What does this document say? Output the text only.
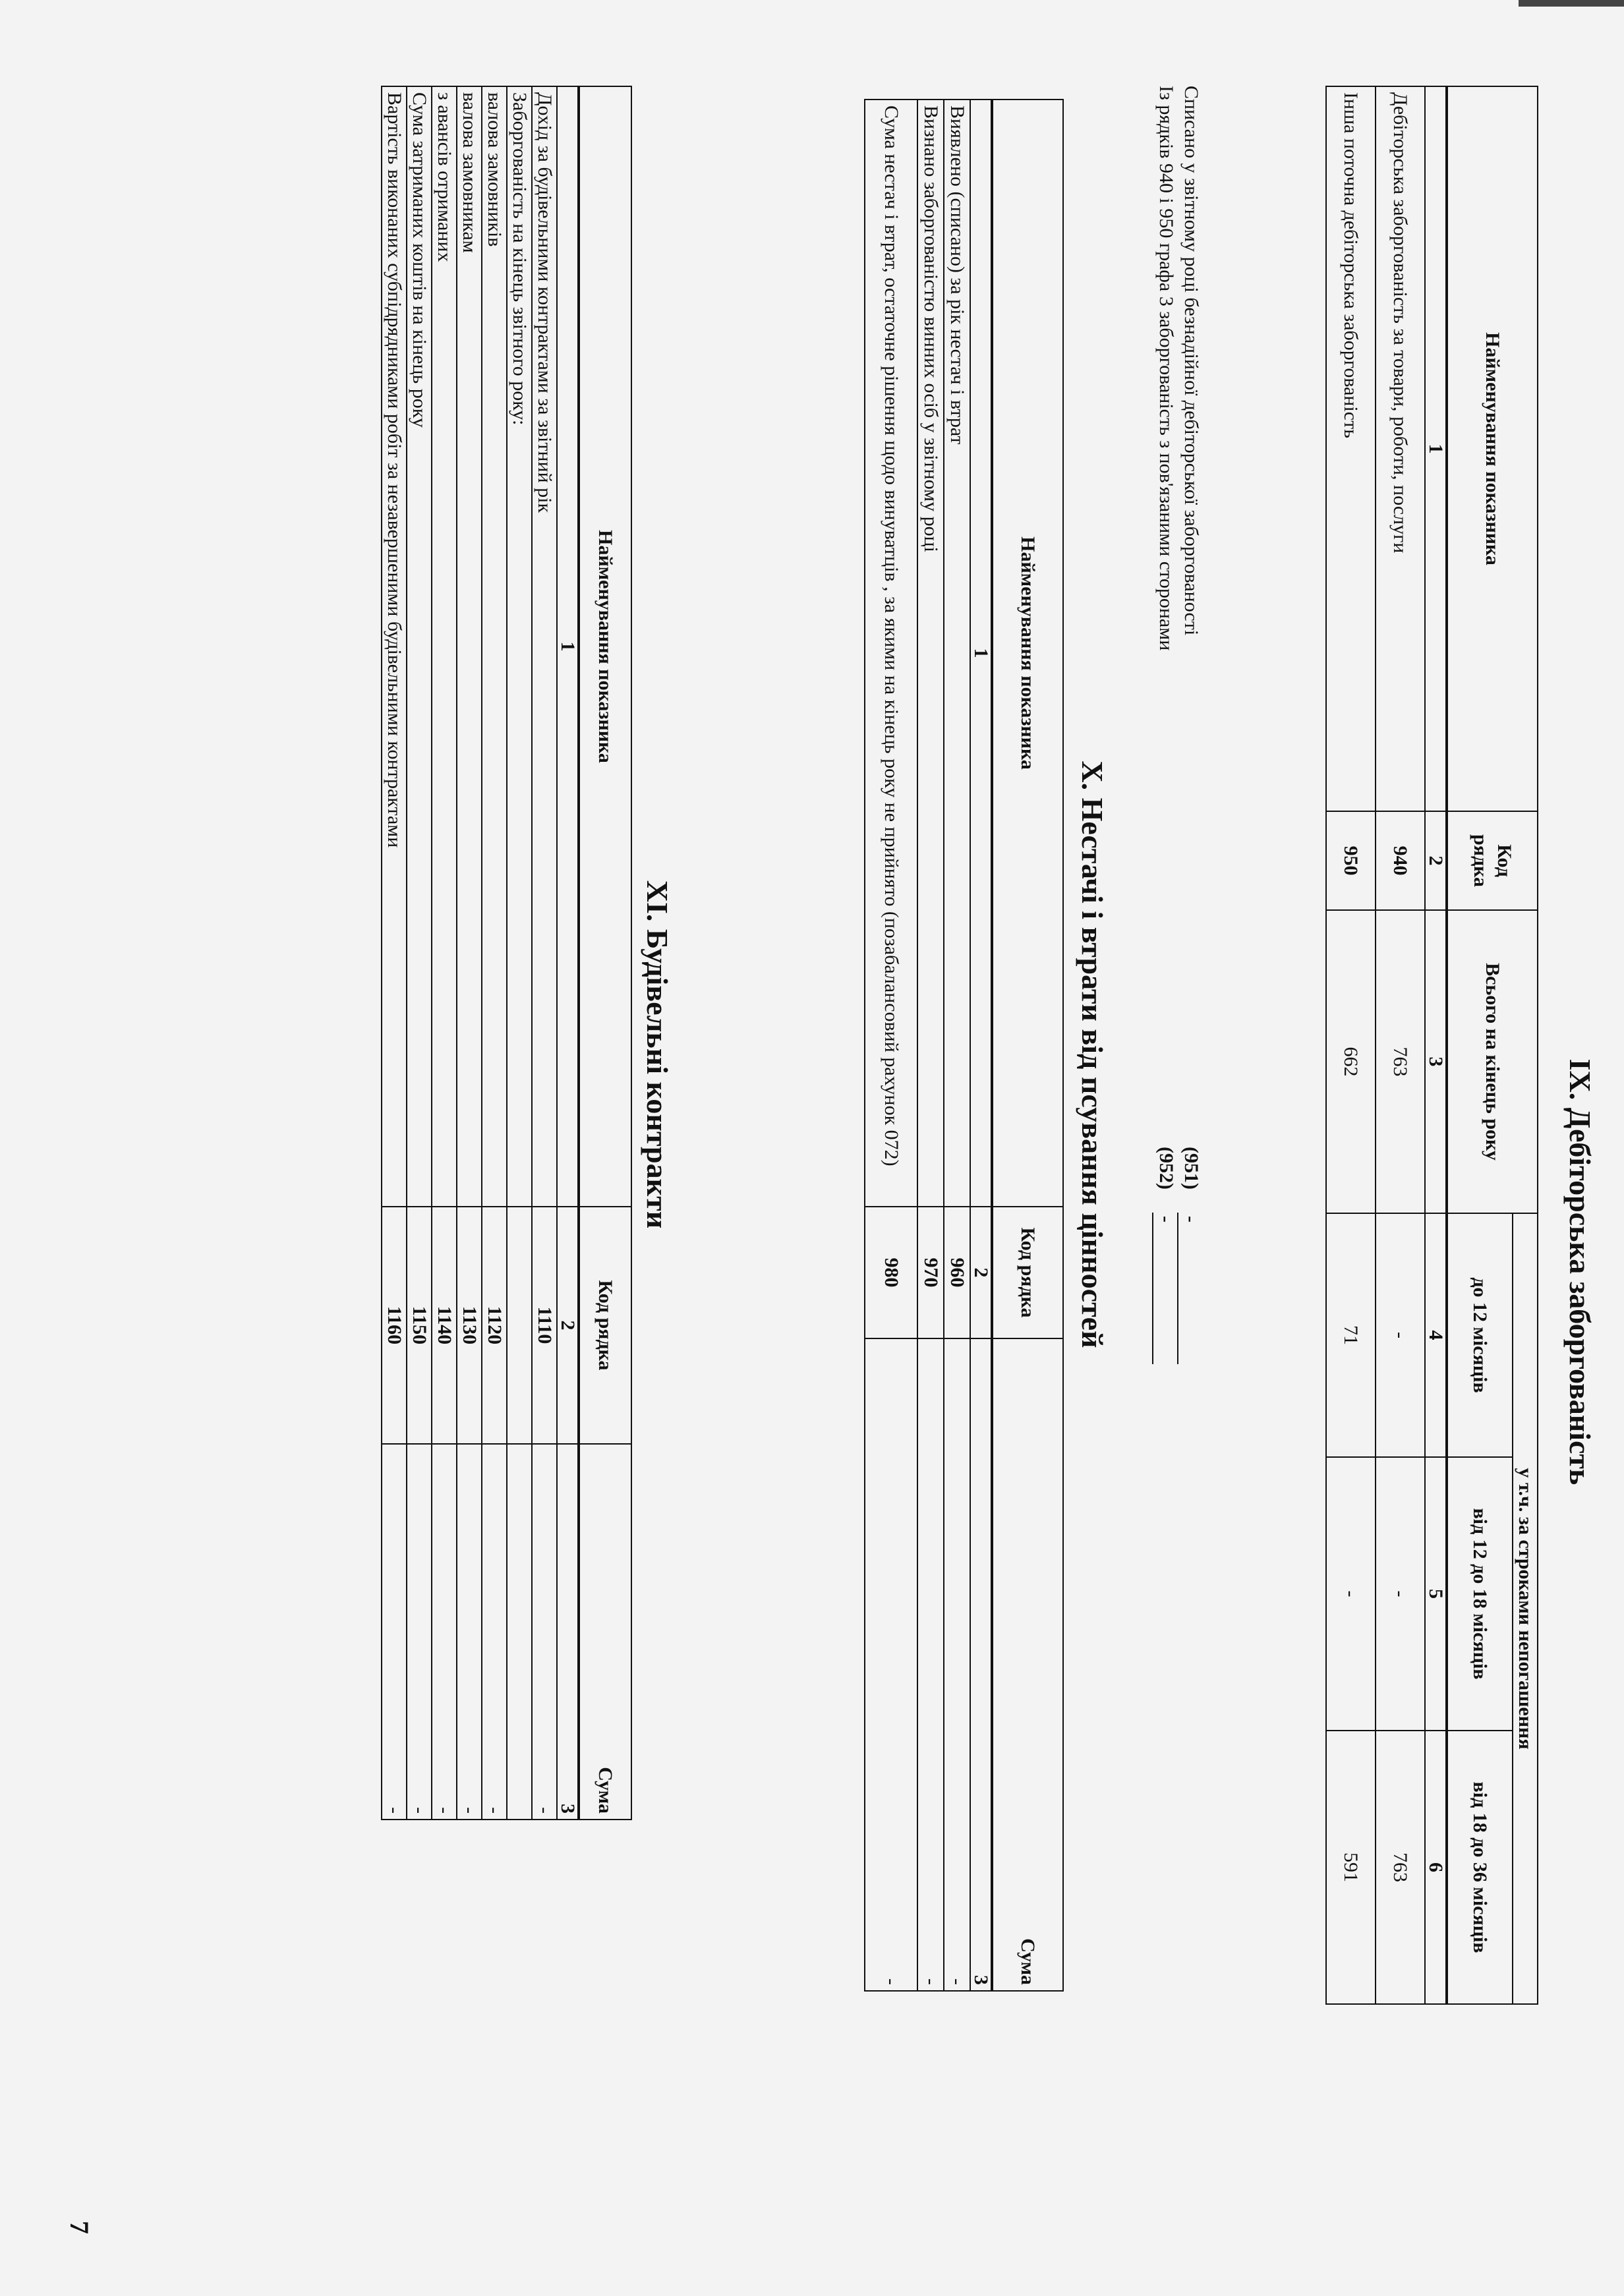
IX. Дебіторська заборгованість
Найменування показника	Код рядка	Всього на кінець року	у т.ч. за строками непогашення		
			до 12 місяців	від 12 до 18 місяців	від 18 до 36 місяців
1	2	3	4	5	6
Дебіторська заборгованість за товари, роботи, послуги	940	763	-	-	763
Інша поточна дебіторська заборгованість	950	662	71	-	591
Списано у звітному році безнадійної дебіторської заборгованості
(951)
-
Із рядків 940 і 950 графа 3 заборгованість з пов'язаними сторонами
(952)
-
X. Нестачі і втрати від псування цінностей
Найменування показника	Код рядка	Сума
1	2	3
Виявлено (списано) за рік нестач і втрат	960	-
Визнано заборгованістю винних осіб у звітному році	970	-
Сума нестач і втрат, остаточне рішення щодо винуватців , за якими на кінець року не прийнято (позабалансовий рахунок 072)	980	-
XI. Будівельні контракти
Найменування показника	Код рядка	Сума
1	2	3
Дохід за будівельними контрактами за звітний рік	1110	-
Заборгованість на кінець звітного року:		
валова замовників	1120	-
валова замовникам	1130	-
з авансів отриманих	1140	-
Сума затриманих коштів на кінець року	1150	-
Вартість виконаних субпідрядниками робіт за незавершеними будівельними контрактами	1160	-
7
